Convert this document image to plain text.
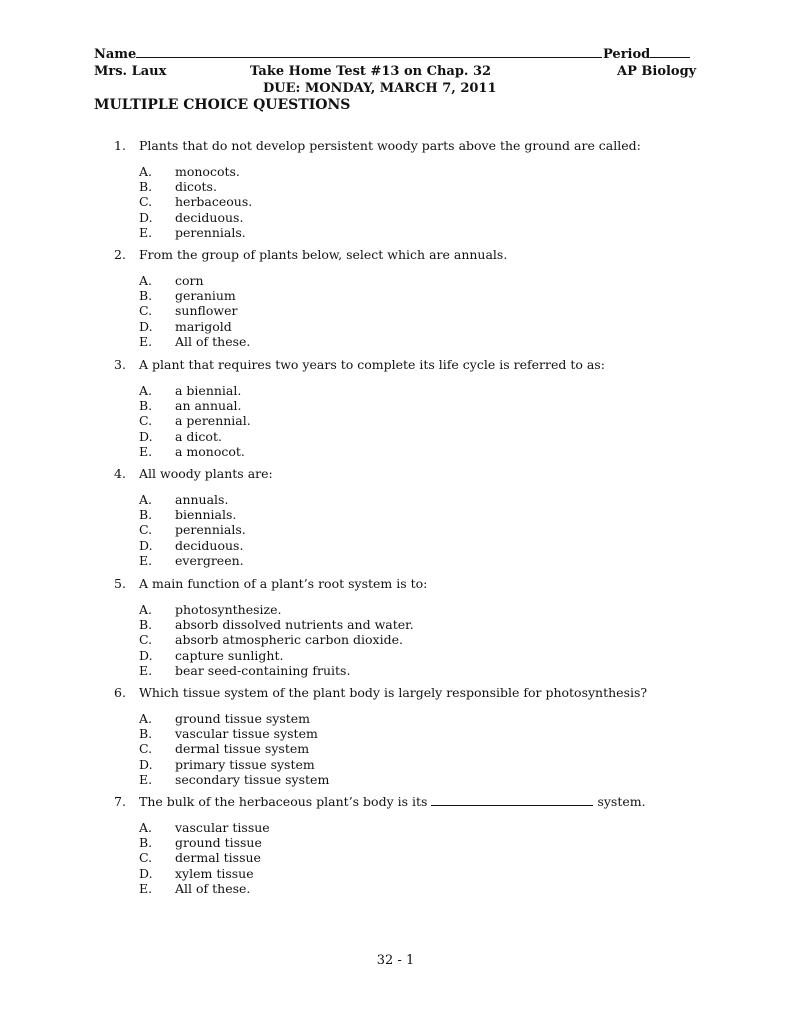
Name	Period
Mrs. Laux	Take Home Test #13 on Chap. 32	AP Biology
DUE: MONDAY, MARCH 7, 2011
MULTIPLE CHOICE QUESTIONS
1. Plants that do not develop persistent woody parts above the ground are called:
A. monocots.
B. dicots.
C. herbaceous.
D. deciduous.
E. perennials.
2. From the group of plants below, select which are annuals.
A. corn
B. geranium
C. sunflower
D. marigold
E. All of these.
3. A plant that requires two years to complete its life cycle is referred to as:
A. a biennial.
B. an annual.
C. a perennial.
D. a dicot.
E. a monocot.
4. All woody plants are:
A. annuals.
B. biennials.
C. perennials.
D. deciduous.
E. evergreen.
5. A main function of a plant’s root system is to:
A. photosynthesize.
B. absorb dissolved nutrients and water.
C. absorb atmospheric carbon dioxide.
D. capture sunlight.
E. bear seed-containing fruits.
6. Which tissue system of the plant body is largely responsible for photosynthesis?
A. ground tissue system
B. vascular tissue system
C. dermal tissue system
D. primary tissue system
E. secondary tissue system
7. The bulk of the herbaceous plant’s body is its	system.
A. vascular tissue
B. ground tissue
C. dermal tissue
D. xylem tissue
E. All of these.
32 - 1
